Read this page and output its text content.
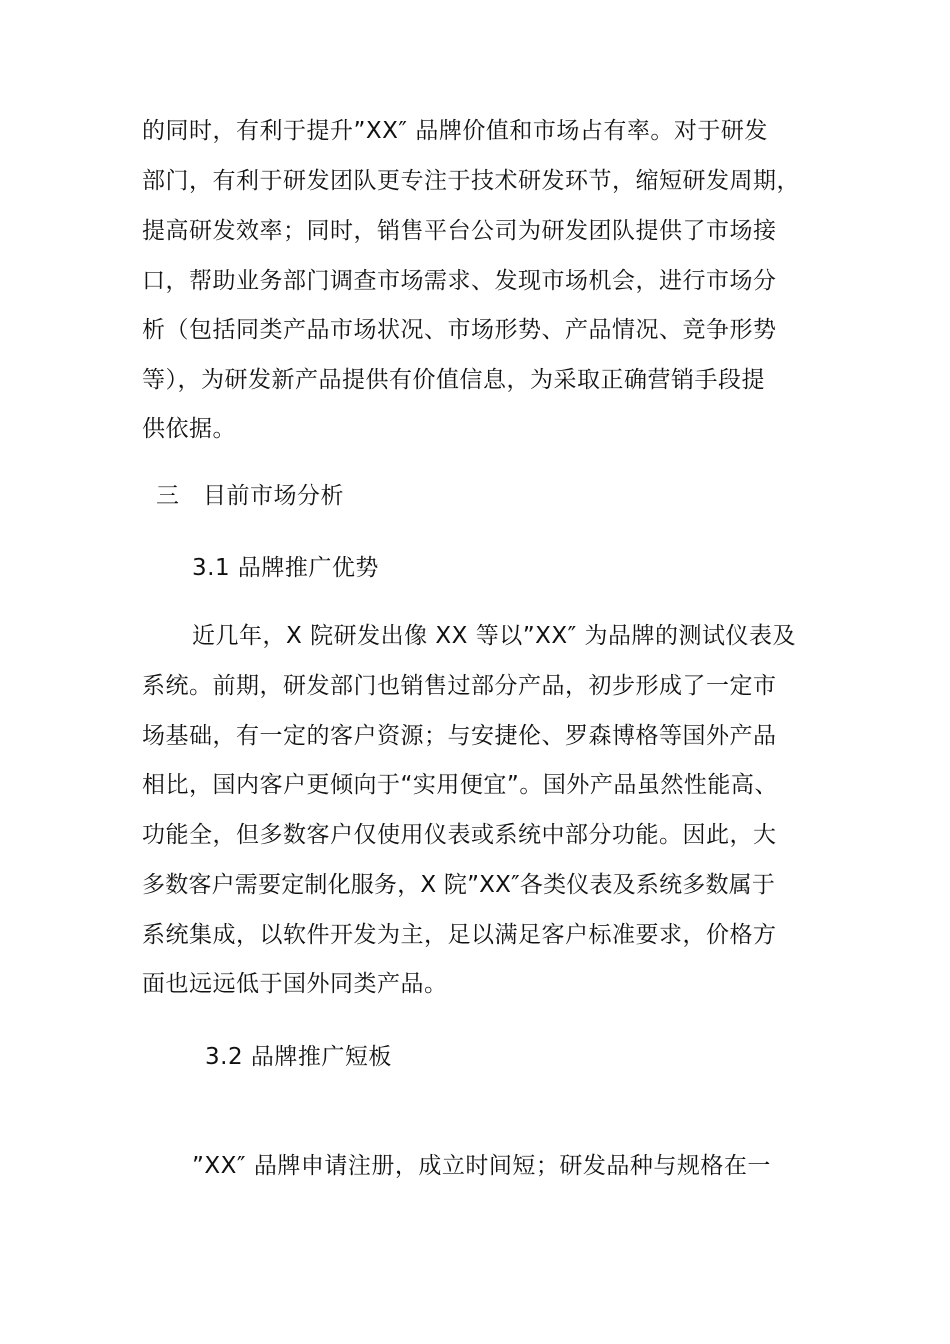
的同时，有利于提升”XX″ 品牌价值和市场占有率。对于研发
部门，有利于研发团队更专注于技术研发环节，缩短研发周期，
提高研发效率；同时，销售平台公司为研发团队提供了市场接
口，帮助业务部门调查市场需求、发现市场机会，进行市场分
析（包括同类产品市场状况、市场形势、产品情况、竞争形势
等），为研发新产品提供有价值信息，为采取正确营销手段提
供依据。
三　目前市场分析
3.1 品牌推广优势
近几年，X 院研发出像 XX 等以”XX″ 为品牌的测试仪表及
系统。前期，研发部门也销售过部分产品，初步形成了一定市
场基础，有一定的客户资源；与安捷伦、罗森博格等国外产品
相比，国内客户更倾向于“实用便宜”。国外产品虽然性能高、
功能全，但多数客户仅使用仪表或系统中部分功能。因此，大
多数客户需要定制化服务，X 院”XX″各类仪表及系统多数属于
系统集成，以软件开发为主，足以满足客户标准要求，价格方
面也远远低于国外同类产品。
3.2 品牌推广短板
”XX″ 品牌申请注册，成立时间短；研发品种与规格在一
